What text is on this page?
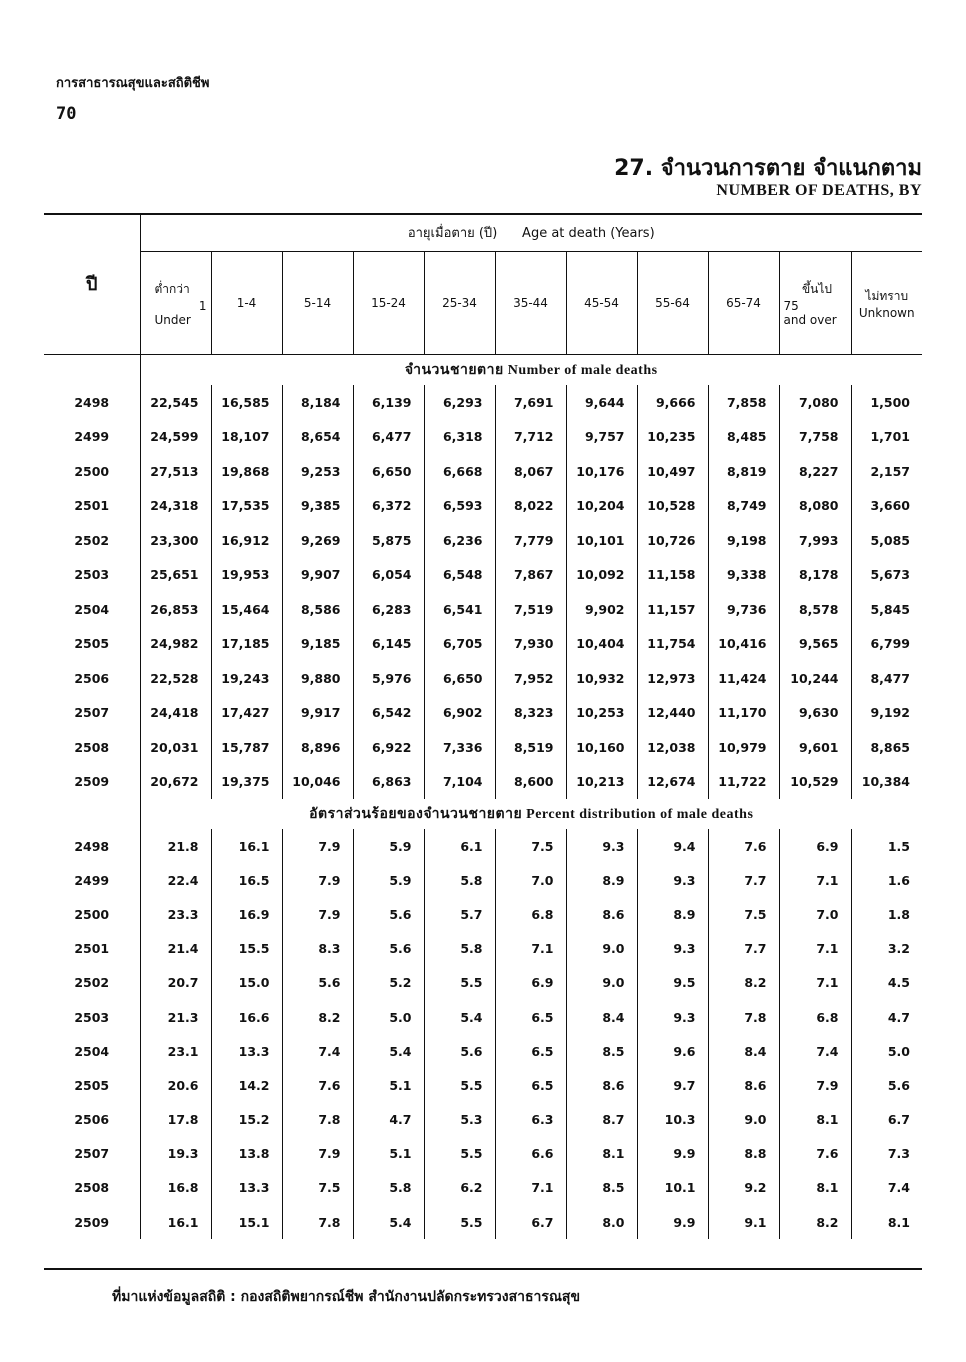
การสาธารณสุขและสถิติชีพ
70
27. จำนวนการตาย จำแนกตาม
NUMBER OF DEATHS, BY
ปี	อายุเมื่อตาย (ปี)      Age at death (Years)										

	ต่ำกว่า
1
Under	1-4	5-14	15-24	25-34	35-44	45-54	55-64	65-74	ขึ้นไป
75
and over	ไม่ทราบ
Unknown

	จำนวนชายตาย Number of male deaths										
2498	22,545	16,585	8,184	6,139	6,293	7,691	9,644	9,666	7,858	7,080	1,500
2499	24,599	18,107	8,654	6,477	6,318	7,712	9,757	10,235	8,485	7,758	1,701
2500	27,513	19,868	9,253	6,650	6,668	8,067	10,176	10,497	8,819	8,227	2,157
2501	24,318	17,535	9,385	6,372	6,593	8,022	10,204	10,528	8,749	8,080	3,660
2502	23,300	16,912	9,269	5,875	6,236	7,779	10,101	10,726	9,198	7,993	5,085
2503	25,651	19,953	9,907	6,054	6,548	7,867	10,092	11,158	9,338	8,178	5,673
2504	26,853	15,464	8,586	6,283	6,541	7,519	9,902	11,157	9,736	8,578	5,845
2505	24,982	17,185	9,185	6,145	6,705	7,930	10,404	11,754	10,416	9,565	6,799
2506	22,528	19,243	9,880	5,976	6,650	7,952	10,932	12,973	11,424	10,244	8,477
2507	24,418	17,427	9,917	6,542	6,902	8,323	10,253	12,440	11,170	9,630	9,192
2508	20,031	15,787	8,896	6,922	7,336	8,519	10,160	12,038	10,979	9,601	8,865
2509	20,672	19,375	10,046	6,863	7,104	8,600	10,213	12,674	11,722	10,529	10,384
	อัตราส่วนร้อยของจำนวนชายตาย Percent distribution of male deaths										
2498	21.8	16.1	7.9	5.9	6.1	7.5	9.3	9.4	7.6	6.9	1.5
2499	22.4	16.5	7.9	5.9	5.8	7.0	8.9	9.3	7.7	7.1	1.6
2500	23.3	16.9	7.9	5.6	5.7	6.8	8.6	8.9	7.5	7.0	1.8
2501	21.4	15.5	8.3	5.6	5.8	7.1	9.0	9.3	7.7	7.1	3.2
2502	20.7	15.0	5.6	5.2	5.5	6.9	9.0	9.5	8.2	7.1	4.5
2503	21.3	16.6	8.2	5.0	5.4	6.5	8.4	9.3	7.8	6.8	4.7
2504	23.1	13.3	7.4	5.4	5.6	6.5	8.5	9.6	8.4	7.4	5.0
2505	20.6	14.2	7.6	5.1	5.5	6.5	8.6	9.7	8.6	7.9	5.6
2506	17.8	15.2	7.8	4.7	5.3	6.3	8.7	10.3	9.0	8.1	6.7
2507	19.3	13.8	7.9	5.1	5.5	6.6	8.1	9.9	8.8	7.6	7.3
2508	16.8	13.3	7.5	5.8	6.2	7.1	8.5	10.1	9.2	8.1	7.4
2509	16.1	15.1	7.8	5.4	5.5	6.7	8.0	9.9	9.1	8.2	8.1
ที่มาแห่งข้อมูลสถิติ : กองสถิติพยากรณ์ชีพ สำนักงานปลัดกระทรวงสาธารณสุข
